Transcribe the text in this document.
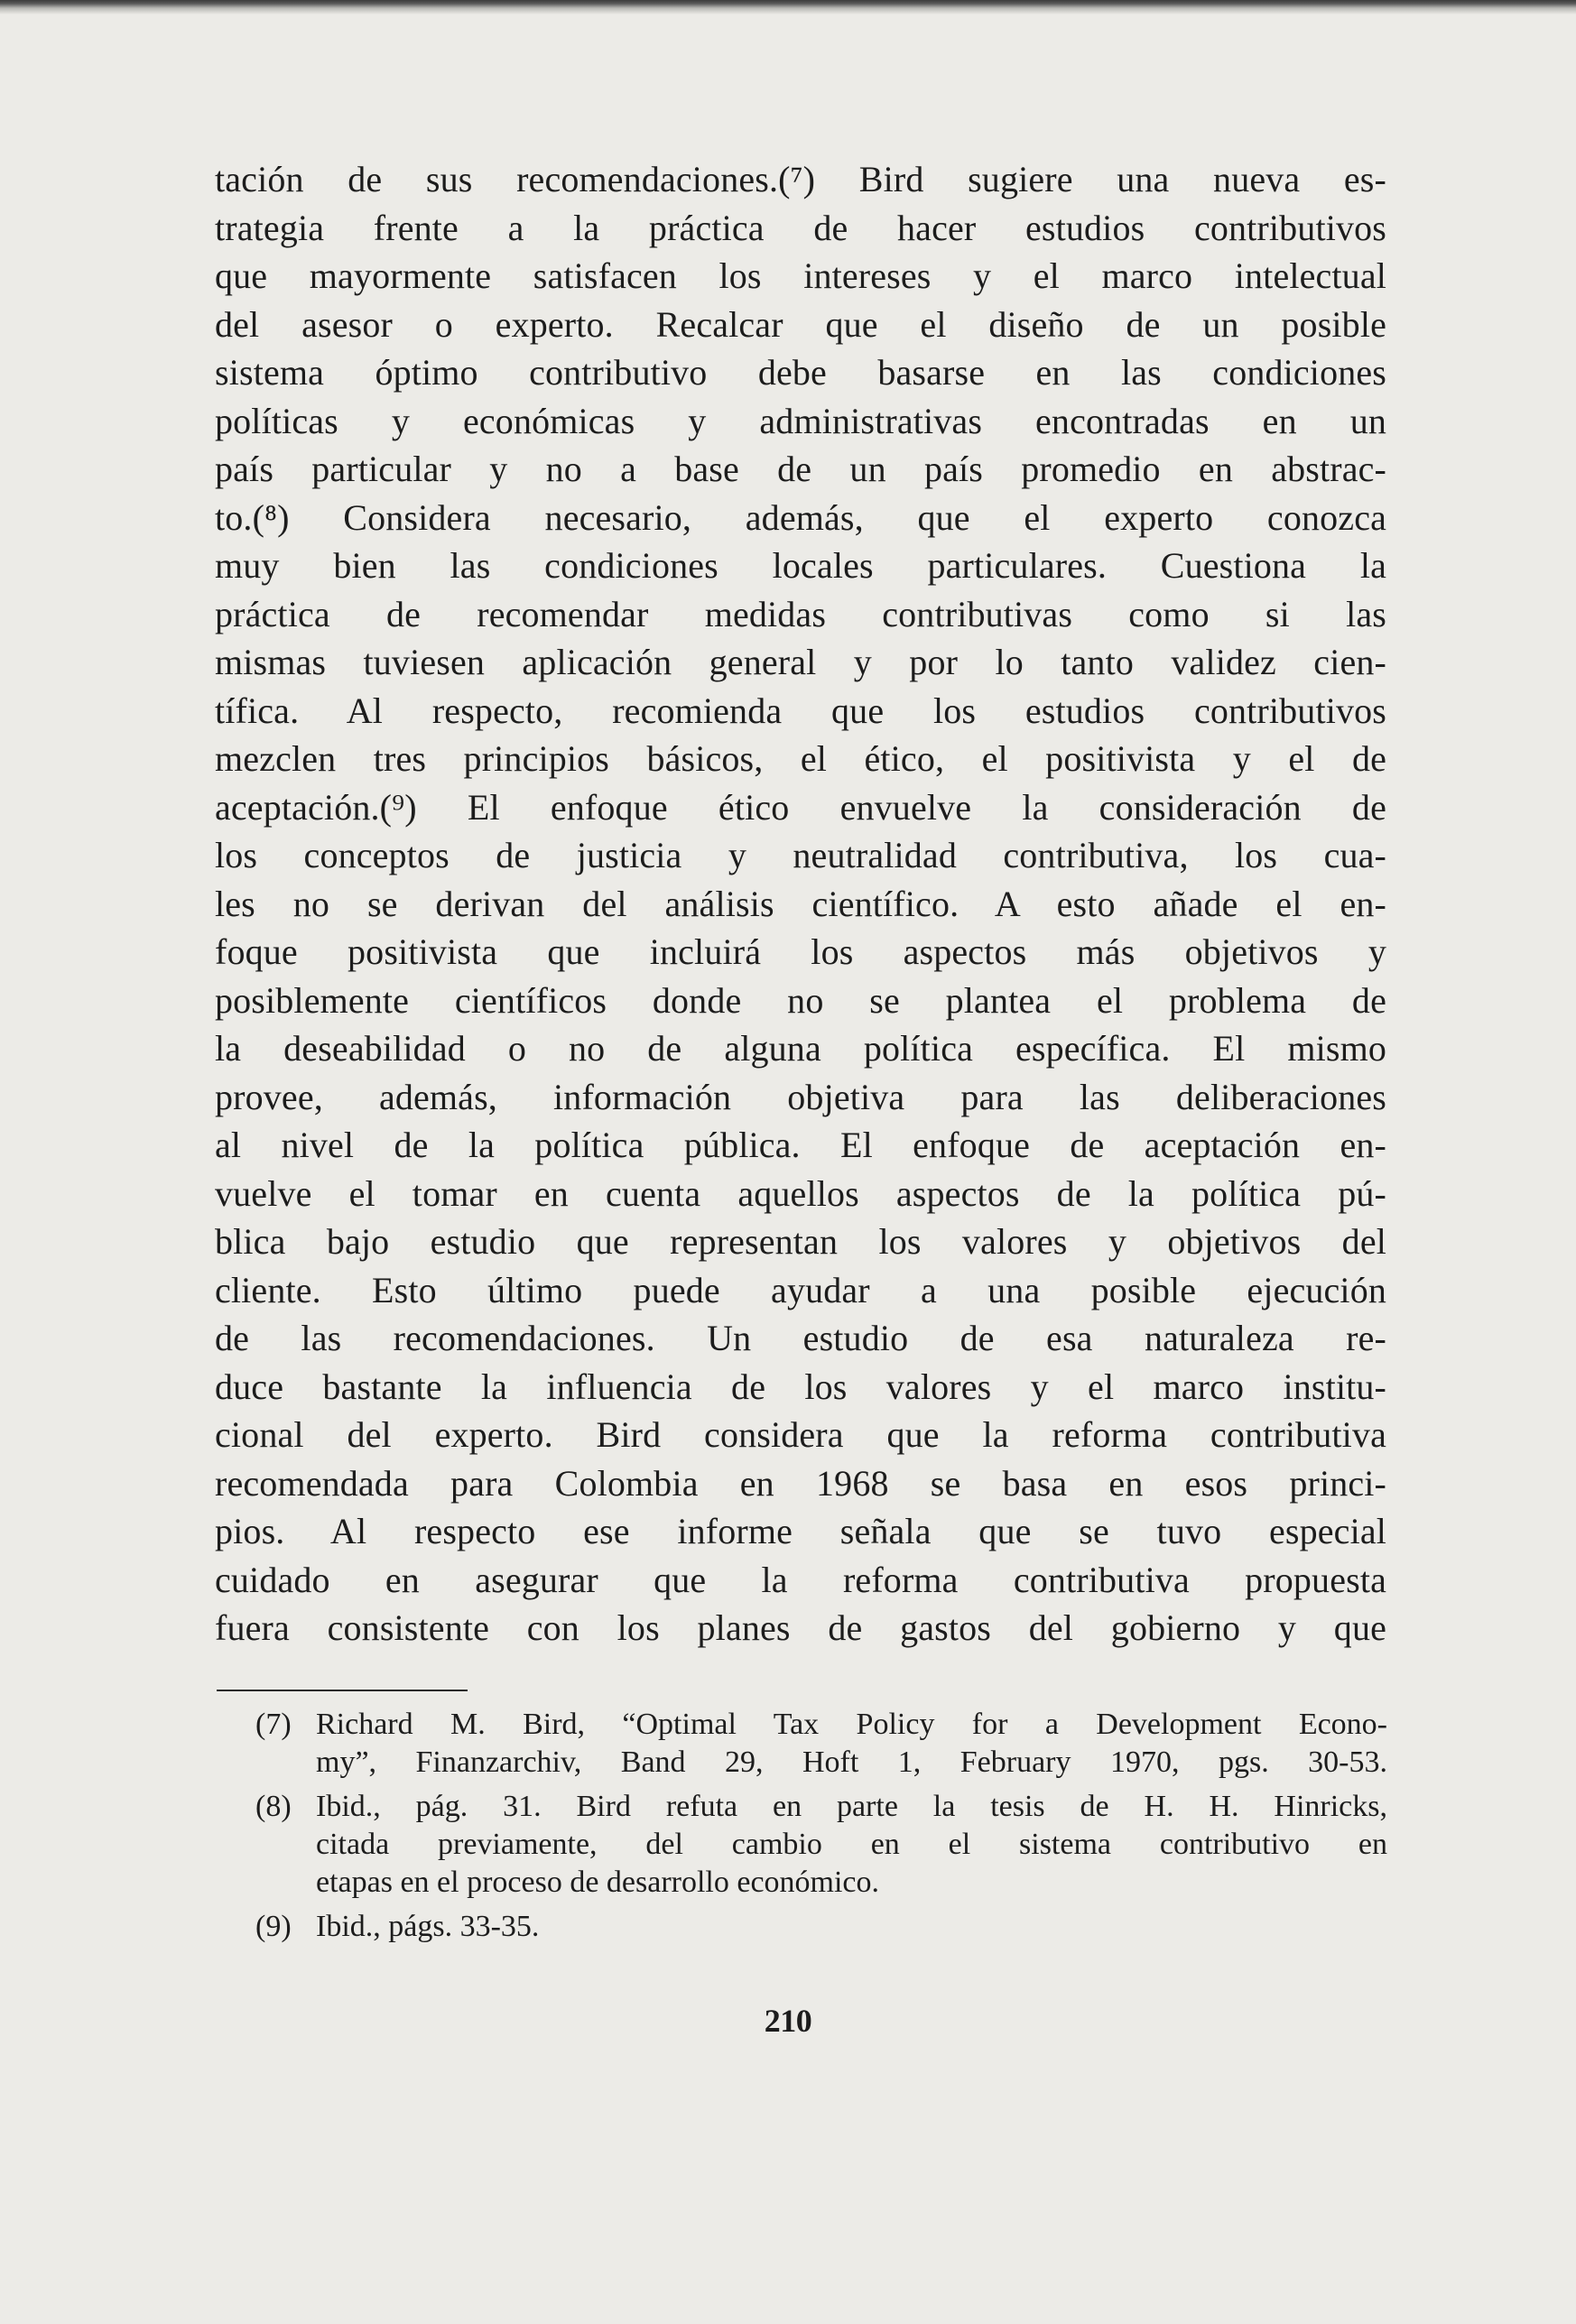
tación de sus recomendaciones.(⁷) Bird sugiere una nueva es-
trategia frente a la práctica de hacer estudios contributivos
que mayormente satisfacen los intereses y el marco intelectual
del asesor o experto. Recalcar que el diseño de un posible
sistema óptimo contributivo debe basarse en las condiciones
políticas y económicas y administrativas encontradas en un
país particular y no a base de un país promedio en abstrac-
to.(⁸) Considera necesario, además, que el experto conozca
muy bien las condiciones locales particulares. Cuestiona la
práctica de recomendar medidas contributivas como si las
mismas tuviesen aplicación general y por lo tanto validez cien-
tífica. Al respecto, recomienda que los estudios contributivos
mezclen tres principios básicos, el ético, el positivista y el de
aceptación.(⁹) El enfoque ético envuelve la consideración de
los conceptos de justicia y neutralidad contributiva, los cua-
les no se derivan del análisis científico. A esto añade el en-
foque positivista que incluirá los aspectos más objetivos y
posiblemente científicos donde no se plantea el problema de
la deseabilidad o no de alguna política específica. El mismo
provee, además, información objetiva para las deliberaciones
al nivel de la política pública. El enfoque de aceptación en-
vuelve el tomar en cuenta aquellos aspectos de la política pú-
blica bajo estudio que representan los valores y objetivos del
cliente. Esto último puede ayudar a una posible ejecución
de las recomendaciones. Un estudio de esa naturaleza re-
duce bastante la influencia de los valores y el marco institu-
cional del experto. Bird considera que la reforma contributiva
recomendada para Colombia en 1968 se basa en esos princi-
pios. Al respecto ese informe señala que se tuvo especial
cuidado en asegurar que la reforma contributiva propuesta
fuera consistente con los planes de gastos del gobierno y que
(7) Richard M. Bird, “Optimal Tax Policy for a Development Econo-
my”, Finanzarchiv, Band 29, Hoft 1, February 1970, pgs. 30-53.
(8) Ibid., pág. 31. Bird refuta en parte la tesis de H. H. Hinricks,
citada previamente, del cambio en el sistema contributivo en
etapas en el proceso de desarrollo económico.
(9) Ibid., págs. 33-35.
210
